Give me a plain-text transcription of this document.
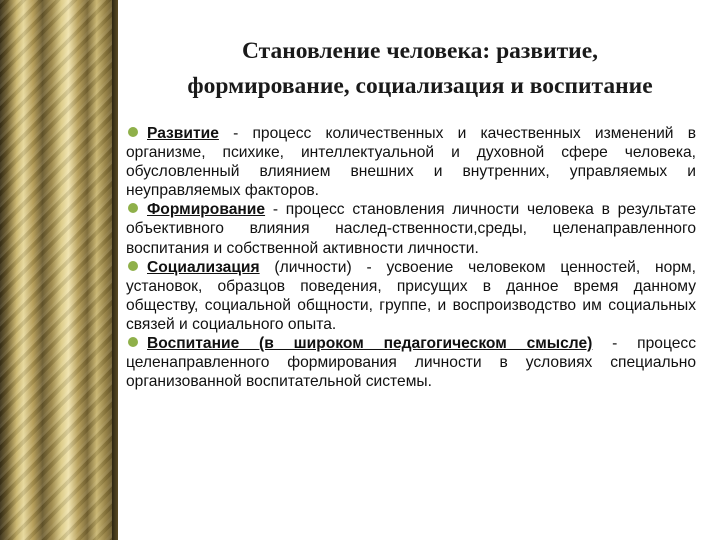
Становление человека: развитие,
формирование, социализация и воспитание

Развитие - процесс количественных и качественных изменений в организме, психике, интеллектуальной и духовной сфере человека, обусловленный влиянием внешних и внутренних, управляемых и неуправляемых факторов.

Формирование - процесс становления личности человека в результате объективного влияния наслед-ственности,среды, целенаправленного воспитания и собственной активности личности.

Социализация (личности) - усвоение человеком ценностей, норм, установок, образцов поведения, присущих в данное время данному обществу, социальной общности, группе, и воспроизводство им социальных связей и социального опыта.

Воспитание (в широком педагогическом смысле) - процесс целенаправленного формирования личности в условиях специально организованной воспитательной системы.
